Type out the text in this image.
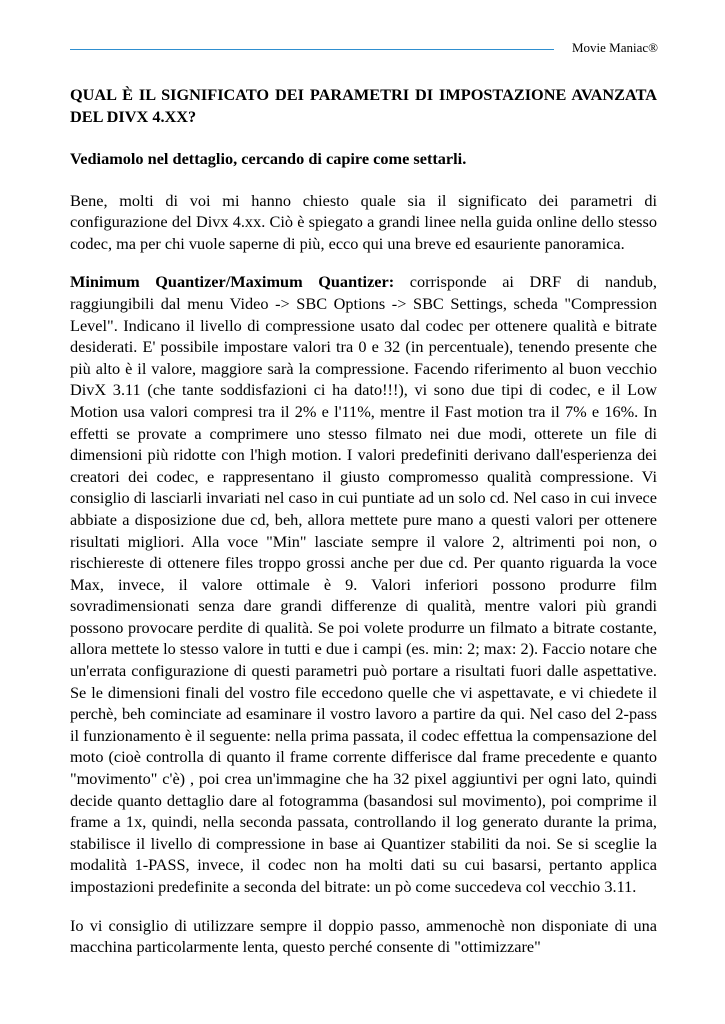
Movie Maniac®

QUAL È IL SIGNIFICATO DEI PARAMETRI DI IMPOSTAZIONE AVANZATA DEL DIVX 4.XX?

Vediamolo nel dettaglio, cercando di capire come settarli.

Bene, molti di voi mi hanno chiesto quale sia il significato dei parametri di configurazione del Divx 4.xx. Ciò è spiegato a grandi linee nella guida online dello stesso codec, ma per chi vuole saperne di più, ecco qui una breve ed esauriente panoramica.

Minimum Quantizer/Maximum Quantizer: corrisponde ai DRF di nandub, raggiungibili dal menu Video -> SBC Options -> SBC Settings, scheda "Compression Level". Indicano il livello di compressione usato dal codec per ottenere qualità e bitrate desiderati. E' possibile impostare valori tra 0 e 32 (in percentuale), tenendo presente che più alto è il valore, maggiore sarà la compressione. Facendo riferimento al buon vecchio DivX 3.11 (che tante soddisfazioni ci ha dato!!!), vi sono due tipi di codec, e il Low Motion usa valori compresi tra il 2% e l'11%, mentre il Fast motion tra il 7% e 16%. In effetti se provate a comprimere uno stesso filmato nei due modi, otterete un file di dimensioni più ridotte con l'high motion. I valori predefiniti derivano dall'esperienza dei creatori dei codec, e rappresentano il giusto compromesso qualità compressione. Vi consiglio di lasciarli invariati nel caso in cui puntiate ad un solo cd. Nel caso in cui invece abbiate a disposizione due cd, beh, allora mettete pure mano a questi valori per ottenere risultati migliori. Alla voce "Min" lasciate sempre il valore 2, altrimenti poi non, o rischiereste di ottenere files troppo grossi anche per due cd. Per quanto riguarda la voce Max, invece, il valore ottimale è 9. Valori inferiori possono produrre film sovradimensionati senza dare grandi differenze di qualità, mentre valori più grandi possono provocare perdite di qualità. Se poi volete produrre un filmato a bitrate costante, allora mettete lo stesso valore in tutti e due i campi (es. min: 2; max: 2). Faccio notare che un'errata configurazione di questi parametri può portare a risultati fuori dalle aspettative. Se le dimensioni finali del vostro file eccedono quelle che vi aspettavate, e vi chiedete il perchè, beh cominciate ad esaminare il vostro lavoro a partire da qui. Nel caso del 2-pass il funzionamento è il seguente: nella prima passata, il codec effettua la compensazione del moto (cioè controlla di quanto il frame corrente differisce dal frame precedente e quanto "movimento" c'è) , poi crea un'immagine che ha 32 pixel aggiuntivi per ogni lato, quindi decide quanto dettaglio dare al fotogramma (basandosi sul movimento), poi comprime il frame a 1x, quindi, nella seconda passata, controllando il log generato durante la prima, stabilisce il livello di compressione in base ai Quantizer stabiliti da noi. Se si sceglie la modalità 1-PASS, invece, il codec non ha molti dati su cui basarsi, pertanto applica impostazioni predefinite a seconda del bitrate: un pò come succedeva col vecchio 3.11.

Io vi consiglio di utilizzare sempre il doppio passo, ammenochè non disponiate di una macchina particolarmente lenta, questo perché consente di "ottimizzare"
